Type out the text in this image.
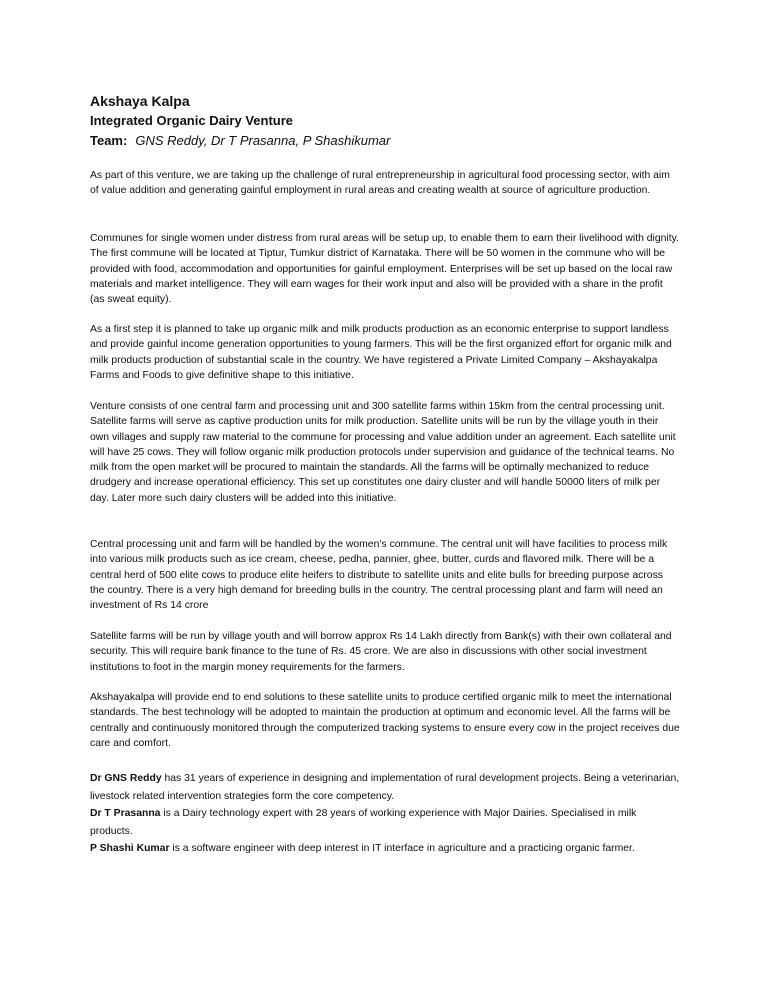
Akshaya Kalpa

Integrated Organic Dairy Venture

Team: GNS Reddy, Dr T Prasanna, P Shashikumar

As part of this venture, we are taking up the challenge of rural entrepreneurship in agricultural food processing sector, with aim of value addition and generating gainful employment in rural areas and creating wealth at source of agriculture production.

Communes for single women under distress from rural areas will be setup up, to enable them to earn their livelihood with dignity. The first commune will be located at Tiptur, Tumkur district of Karnataka. There will be 50 women in the commune who will be provided with food, accommodation and opportunities for gainful employment. Enterprises will be set up based on the local raw materials and market intelligence. They will earn wages for their work input and also will be provided with a share in the profit (as sweat equity).

As a first step it is planned to take up organic milk and milk products production as an economic enterprise to support landless and provide gainful income generation opportunities to young farmers. This will be the first organized effort for organic milk and milk products production of substantial scale in the country. We have registered a Private Limited Company – Akshayakalpa Farms and Foods to give definitive shape to this initiative.

Venture consists of one central farm and processing unit and 300 satellite farms within 15km from the central processing unit. Satellite farms will serve as captive production units for milk production. Satellite units will be run by the village youth in their own villages and supply raw material to the commune for processing and value addition under an agreement. Each satellite unit will have 25 cows. They will follow organic milk production protocols under supervision and guidance of the technical teams. No milk from the open market will be procured to maintain the standards. All the farms will be optimally mechanized to reduce drudgery and increase operational efficiency. This set up constitutes one dairy cluster and will handle 50000 liters of milk per day. Later more such dairy clusters will be added into this initiative.

Central processing unit and farm will be handled by the women’s commune. The central unit will have facilities to process milk into various milk products such as ice cream, cheese, pedha, pannier, ghee, butter, curds and flavored milk. There will be a central herd of 500 elite cows to produce elite heifers to distribute to satellite units and elite bulls for breeding purpose across the country. There is a very high demand for breeding bulls in the country. The central processing plant and farm will need an investment of Rs 14 crore

Satellite farms will be run by village youth and will borrow approx Rs 14 Lakh directly from Bank(s) with their own collateral and security. This will require bank finance to the tune of Rs. 45 crore. We are also in discussions with other social investment institutions to foot in the margin money requirements for the farmers.

Akshayakalpa will provide end to end solutions to these satellite units to produce certified organic milk to meet the international standards. The best technology will be adopted to maintain the production at optimum and economic level. All the farms will be centrally and continuously monitored through the computerized tracking systems to ensure every cow in the project receives due care and comfort.

Dr GNS Reddy has 31 years of experience in designing and implementation of rural development projects. Being a veterinarian, livestock related intervention strategies form the core competency.

Dr T Prasanna is a Dairy technology expert with 28 years of working experience with Major Dairies. Specialised in milk products.

P Shashi Kumar is a software engineer with deep interest in IT interface in agriculture and a practicing organic farmer.
